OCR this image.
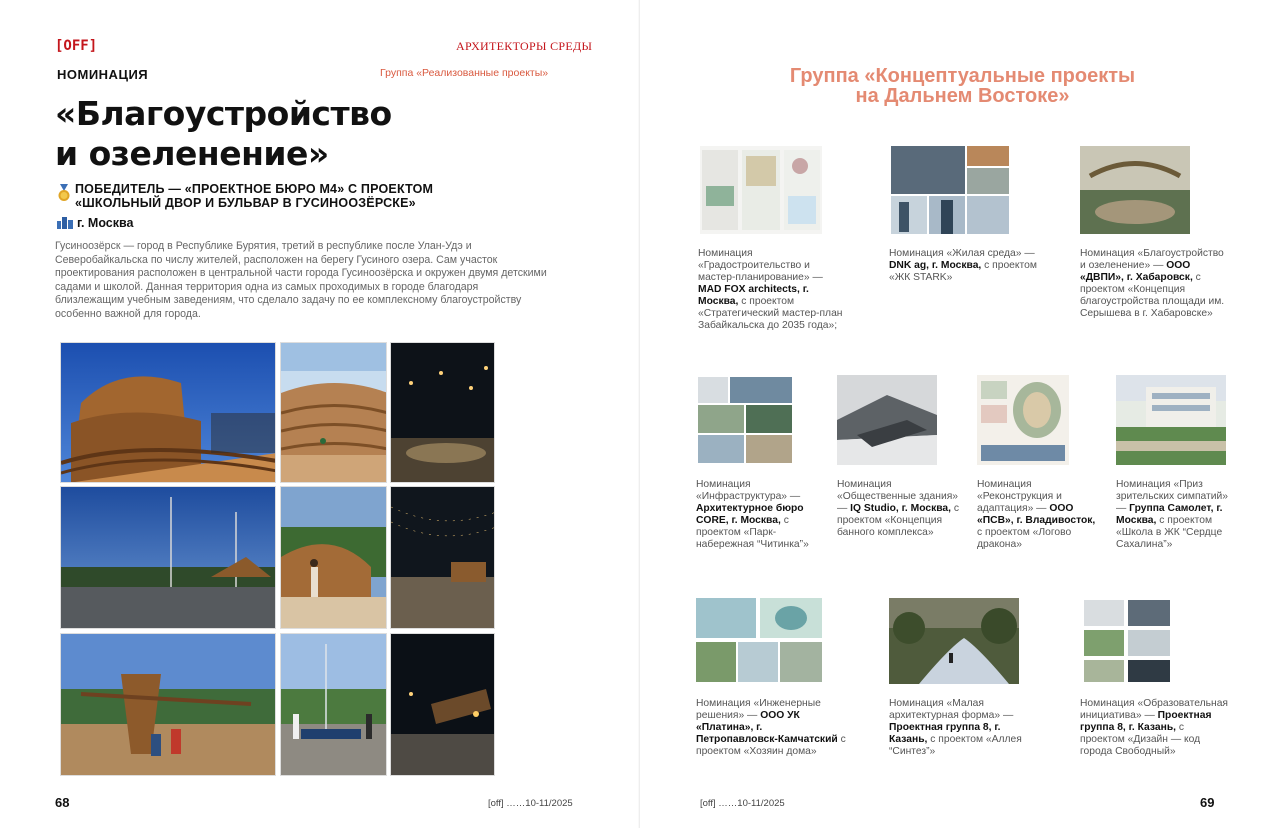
[OFF]	АРХИТЕКТОРЫ СРЕДЫ
НОМИНАЦИЯ	Группа «Реализованные проекты»
«Благоустройство
и озеленение»
ПОБЕДИТЕЛЬ — «ПРОЕКТНОЕ БЮРО М4» С ПРОЕКТОМ
«ШКОЛЬНЫЙ ДВОР И БУЛЬВАР В ГУСИНООЗЁРСКЕ»
г. Москва
Гусиноозёрск — город в Республике Бурятия, третий в республике после Улан-Удэ и Северобайкальска по числу жителей, расположен на берегу Гусиного озера. Сам участок проектирования расположен в центральной части города Гусиноозёрска и окружен двумя детскими садами и школой. Данная территория одна из самых проходимых в городе благодаря близлежащим учебным заведениям, что сделало задачу по ее комплексному благоустройству особенно важной для города.
68	[off] ……10-11/2025
Группа «Концептуальные проекты
на Дальнем Востоке»
Номинация «Градостроительство и мастер-планирование» — MAD FOX architects, г. Москва, с проектом «Стратегический мастер-план Забайкальска до 2035 года»;
Номинация «Жилая среда» — DNK ag, г. Москва, с проектом «ЖК STARK»
Номинация «Благоустройство и озеленение» — ООО «ДВПИ», г. Хабаровск, с проектом «Концепция благоустройства площади им. Серышева в г. Хабаровске»
Номинация «Инфраструктура» — Архитектурное бюро CORE, г. Москва, с проектом «Парк-набережная “Читинка”»
Номинация «Общественные здания» — IQ Studio, г. Москва, с проектом «Концепция банного комплекса»
Номинация «Реконструкция и адаптация» — ООО «ПСВ», г. Владивосток, с проектом «Логово дракона»
Номинация «Приз зрительских симпатий» — Группа Самолет, г. Москва, с проектом «Школа в ЖК “Сердце Сахалина”»
Номинация «Инженерные решения» — ООО УК «Платина», г. Петропавловск-Камчатский с проектом «Хозяин дома»
Номинация «Малая архитектурная форма» — Проектная группа 8, г. Казань, с проектом «Аллея “Синтез”»
Номинация «Образовательная инициатива» — Проектная группа 8, г. Казань, с проектом «Дизайн — код города Свободный»
[off] ……10-11/2025	69
